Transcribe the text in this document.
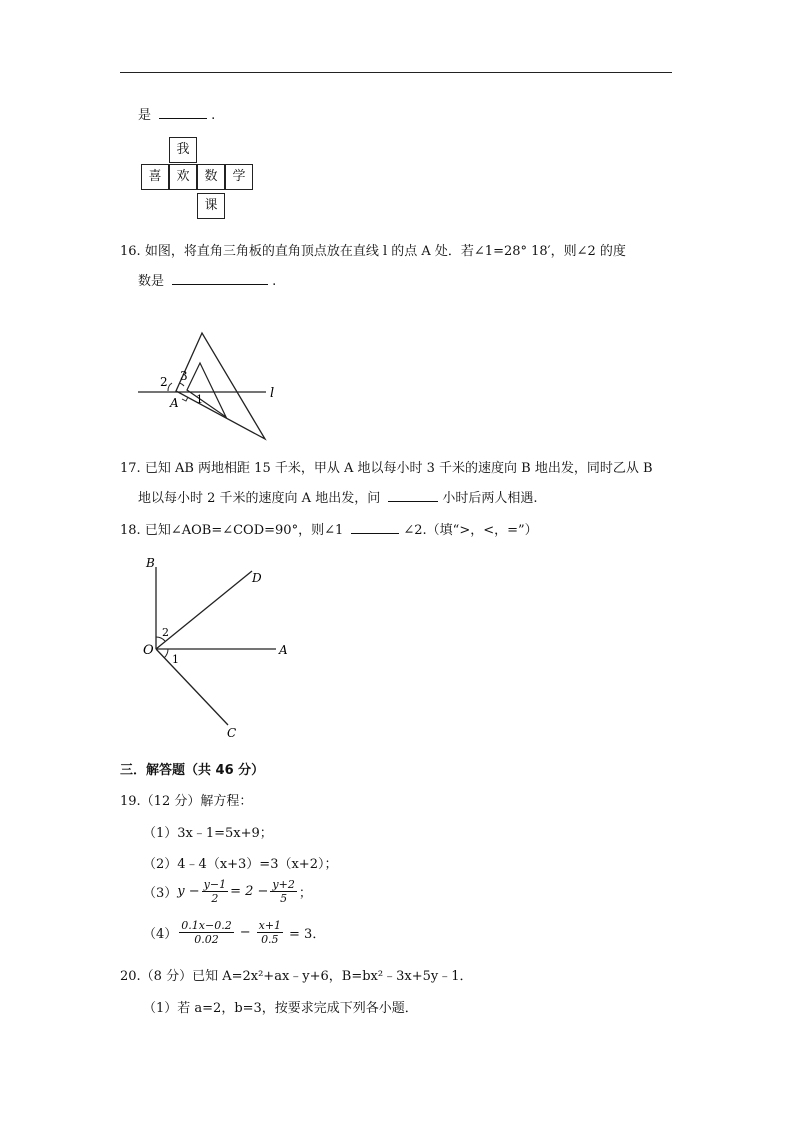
是	.
我
喜	欢	数	学
课
16. 如图，将直角三角板的直角顶点放在直线 l 的点 A 处．若∠1=28° 18′，则∠2 的度
数是	.
2 3
1
A
l
17. 已知 AB 两地相距 15 千米，甲从 A 地以每小时 3 千米的速度向 B 地出发，同时乙从 B
地以每小时 2 千米的速度向 A 地出发，问	小时后两人相遇.
18. 已知∠AOB=∠COD=90°，则∠1	∠2.（填“>，<，=”）
B
D
O	A
C
2
1
三．解答题（共 46 分）
19.（12 分）解方程：
（1）3x﹣1=5x+9；
（2）4﹣4（x+3）=3（x+2）；
（3） $y - \frac{y-1}{2} = 2 - \frac{y+2}{5}$ ；
$(4) \frac{0.1x-0.2}{0.02} - \frac{x+1}{0.5} = 3$．
20.（8 分）已知 A=2x²+ax﹣y+6，B=bx²﹣3x+5y﹣1．
（1）若 a=2，b=3，按要求完成下列各小题．
